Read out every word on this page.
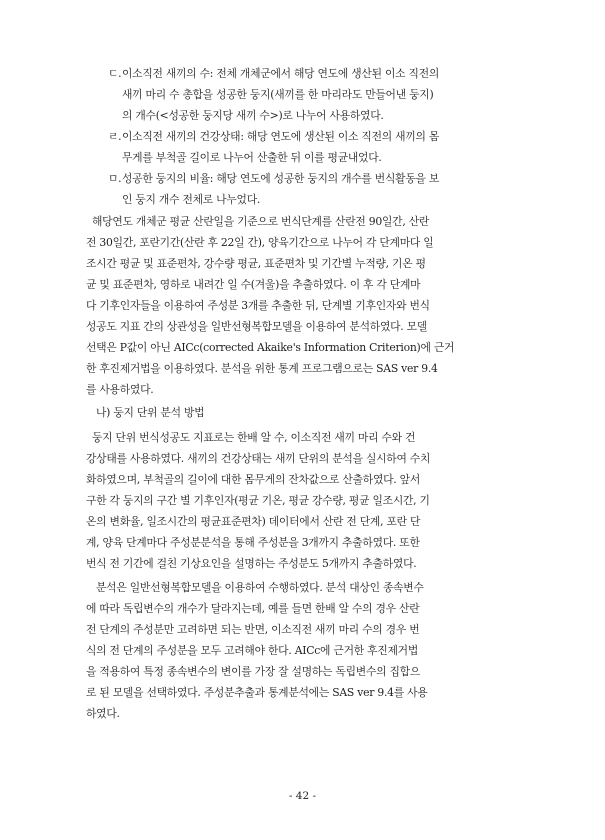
ㄷ. 이소직전 새끼의 수: 전체 개체군에서 해당 연도에 생산된 이소 직전의

새끼 마리 수 총합을 성공한 둥지(새끼를 한 마리라도 만들어낸 둥지)

의 개수(<성공한 둥지당 새끼 수>)로 나누어 사용하였다.

ㄹ. 이소직전 새끼의 건강상태: 해당 연도에 생산된 이소 직전의 새끼의 몸

무게를 부척골 길이로 나누어 산출한 뒤 이를 평균내었다.

ㅁ. 성공한 둥지의 비율: 해당 연도에 성공한 둥지의 개수를 번식활동을 보

인 둥지 개수 전체로 나누었다.

해당연도 개체군 평균 산란일을 기준으로 번식단계를 산란전 90일간, 산란

전 30일간, 포란기간(산란 후 22일 간), 양육기간으로 나누어 각 단계마다 일

조시간 평균 및 표준편차, 강수량 평균, 표준편차 및 기간별 누적량, 기온 평

균 및 표준편차, 영하로 내려간 일 수(겨울)을 추출하였다. 이 후 각 단계마

다 기후인자들을 이용하여 주성분 3개를 추출한 뒤, 단계별 기후인자와 번식

성공도 지표 간의 상관성을 일반선형복합모델을 이용하여 분석하였다. 모델

선택은 P값이 아닌 AICc(corrected Akaike's Information Criterion)에 근거

한 후진제거법을 이용하였다. 분석을 위한 통계 프로그램으로는 SAS ver 9.4

를 사용하였다.

나) 둥지 단위 분석 방법

둥지 단위 번식성공도 지표로는 한배 알 수, 이소직전 새끼 마리 수와 건

강상태를 사용하였다. 새끼의 건강상태는 새끼 단위의 분석을 실시하여 수치

화하였으며, 부척골의 길이에 대한 몸무게의 잔차값으로 산출하였다. 앞서

구한 각 둥지의 구간 별 기후인자(평균 기온, 평균 강수량, 평균 일조시간, 기

온의 변화율, 일조시간의 평균표준편차) 데이터에서 산란 전 단계, 포란 단

계, 양육 단계마다 주성분분석을 통해 주성분을 3개까지 추출하였다. 또한

번식 전 기간에 걸친 기상요인을 설명하는 주성분도 5개까지 추출하였다.

분석은 일반선형복합모델을 이용하여 수행하였다. 분석 대상인 종속변수

에 따라 독립변수의 개수가 달라지는데, 예를 들면 한배 알 수의 경우 산란

전 단계의 주성분만 고려하면 되는 반면, 이소직전 새끼 마리 수의 경우 번

식의 전 단계의 주성분을 모두 고려해야 한다. AICc에 근거한 후진제거법

을 적용하여 특정 종속변수의 변이를 가장 잘 설명하는 독립변수의 집합으

로 된 모델을 선택하였다. 주성분추출과 통계분석에는 SAS ver 9.4를 사용

하였다.

- 42 -
